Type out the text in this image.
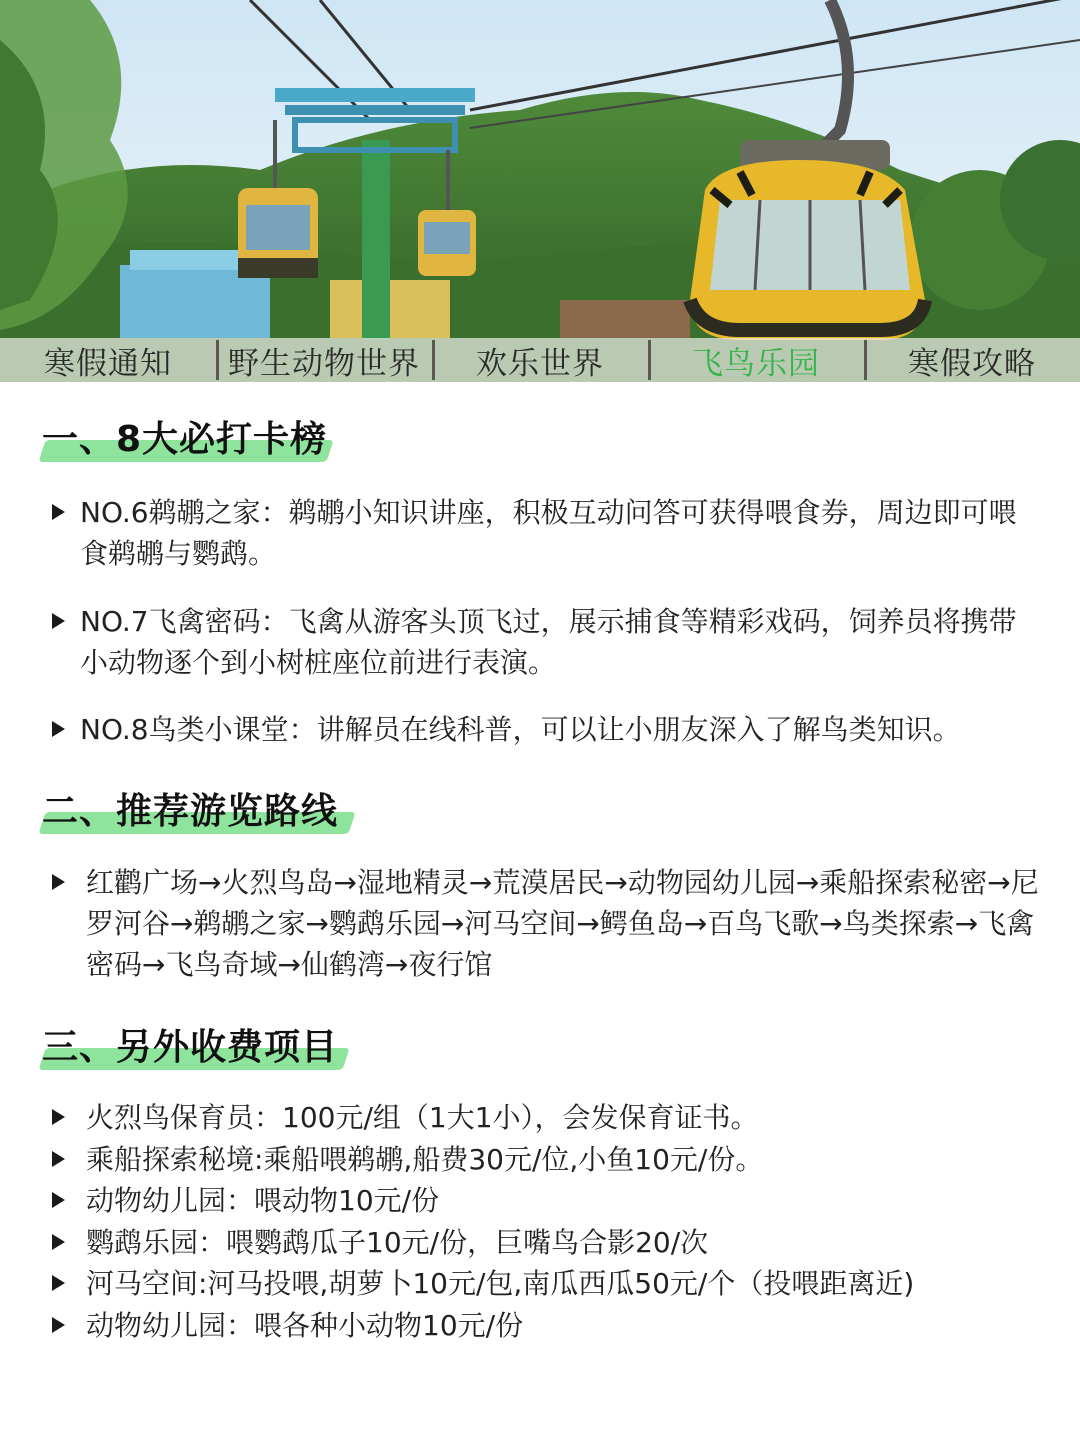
寒假通知	野生动物世界	欢乐世界	飞鸟乐园	寒假攻略
一、8大必打卡榜
NO.6鹈鹕之家：鹈鹕小知识讲座，积极互动问答可获得喂食券，周边即可喂食鹈鹕与鹦鹉。
NO.7飞禽密码：飞禽从游客头顶飞过，展示捕食等精彩戏码，饲养员将携带小动物逐个到小树桩座位前进行表演。
NO.8鸟类小课堂：讲解员在线科普，可以让小朋友深入了解鸟类知识。
二、推荐游览路线
红鹳广场→火烈鸟岛→湿地精灵→荒漠居民→动物园幼儿园→乘船探索秘密→尼罗河谷→鹈鹕之家→鹦鹉乐园→河马空间→鳄鱼岛→百鸟飞歌→鸟类探索→飞禽密码→飞鸟奇域→仙鹤湾→夜行馆
三、另外收费项目
火烈鸟保育员：100元/组（1大1小），会发保育证书。
乘船探索秘境:乘船喂鹈鹕,船费30元/位,小鱼10元/份。
动物幼儿园：喂动物10元/份
鹦鹉乐园：喂鹦鹉瓜子10元/份，巨嘴鸟合影20/次
河马空间:河马投喂,胡萝卜10元/包,南瓜西瓜50元/个（投喂距离近)
动物幼儿园：喂各种小动物10元/份
